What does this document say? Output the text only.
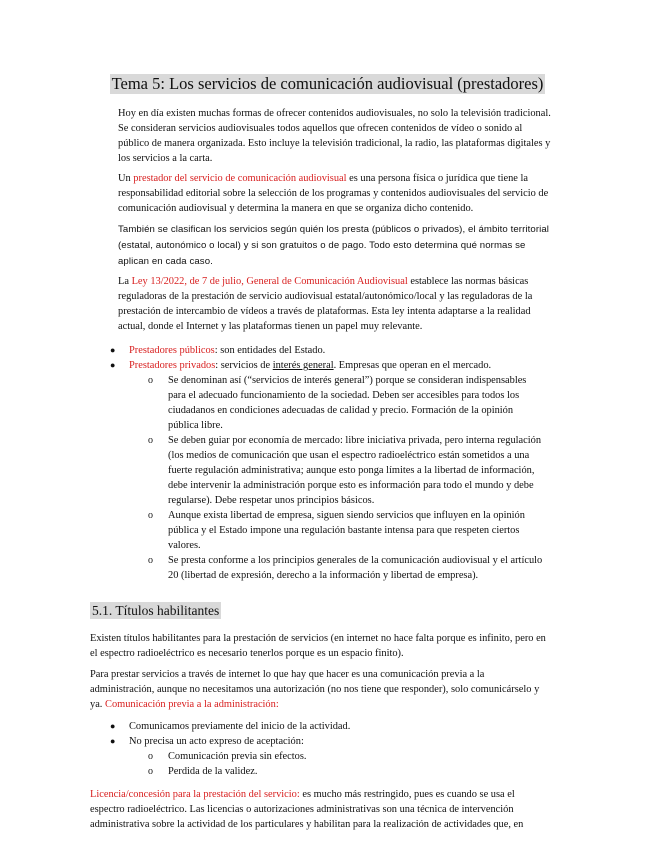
Tema 5: Los servicios de comunicación audiovisual (prestadores)

Hoy en día existen muchas formas de ofrecer contenidos audiovisuales, no solo la televisión tradicional. Se consideran servicios audiovisuales todos aquellos que ofrecen contenidos de vídeo o sonido al público de manera organizada. Esto incluye la televisión tradicional, la radio, las plataformas digitales y los servicios a la carta.

Un prestador del servicio de comunicación audiovisual es una persona física o jurídica que tiene la responsabilidad editorial sobre la selección de los programas y contenidos audiovisuales del servicio de comunicación audiovisual y determina la manera en que se organiza dicho contenido.

También se clasifican los servicios según quién los presta (públicos o privados), el ámbito territorial (estatal, autonómico o local) y si son gratuitos o de pago. Todo esto determina qué normas se aplican en cada caso.

La Ley 13/2022, de 7 de julio, General de Comunicación Audiovisual establece las normas básicas reguladoras de la prestación de servicio audiovisual estatal/autonómico/local y las reguladoras de la prestación de intercambio de vídeos a través de plataformas. Esta ley intenta adaptarse a la realidad actual, donde el Internet y las plataformas tienen un papel muy relevante.

● Prestadores públicos: son entidades del Estado.
● Prestadores privados: servicios de interés general. Empresas que operan en el mercado.
o Se denominan así (“servicios de interés general”) porque se consideran indispensables para el adecuado funcionamiento de la sociedad. Deben ser accesibles para todos los ciudadanos en condiciones adecuadas de calidad y precio. Formación de la opinión pública libre.
o Se deben guiar por economía de mercado: libre iniciativa privada, pero interna regulación (los medios de comunicación que usan el espectro radioeléctrico están sometidos a una fuerte regulación administrativa; aunque esto ponga límites a la libertad de información, debe intervenir la administración porque esto es información para todo el mundo y debe regularse). Debe respetar unos principios básicos.
o Aunque exista libertad de empresa, siguen siendo servicios que influyen en la opinión pública y el Estado impone una regulación bastante intensa para que respeten ciertos valores.
o Se presta conforme a los principios generales de la comunicación audiovisual y el artículo 20 (libertad de expresión, derecho a la información y libertad de empresa).
5.1. Títulos habilitantes

Existen títulos habilitantes para la prestación de servicios (en internet no hace falta porque es infinito, pero en el espectro radioeléctrico es necesario tenerlos porque es un espacio finito).

Para prestar servicios a través de internet lo que hay que hacer es una comunicación previa a la administración, aunque no necesitamos una autorización (no nos tiene que responder), solo comunicárselo y ya. Comunicación previa a la administración:

● Comunicamos previamente del inicio de la actividad.
● No precisa un acto expreso de aceptación:
o Comunicación previa sin efectos.
o Perdida de la validez.

Licencia/concesión para la prestación del servicio: es mucho más restringido, pues es cuando se usa el espectro radioeléctrico. Las licencias o autorizaciones administrativas son una técnica de intervención administrativa sobre la actividad de los particulares y habilitan para la realización de actividades que, en
